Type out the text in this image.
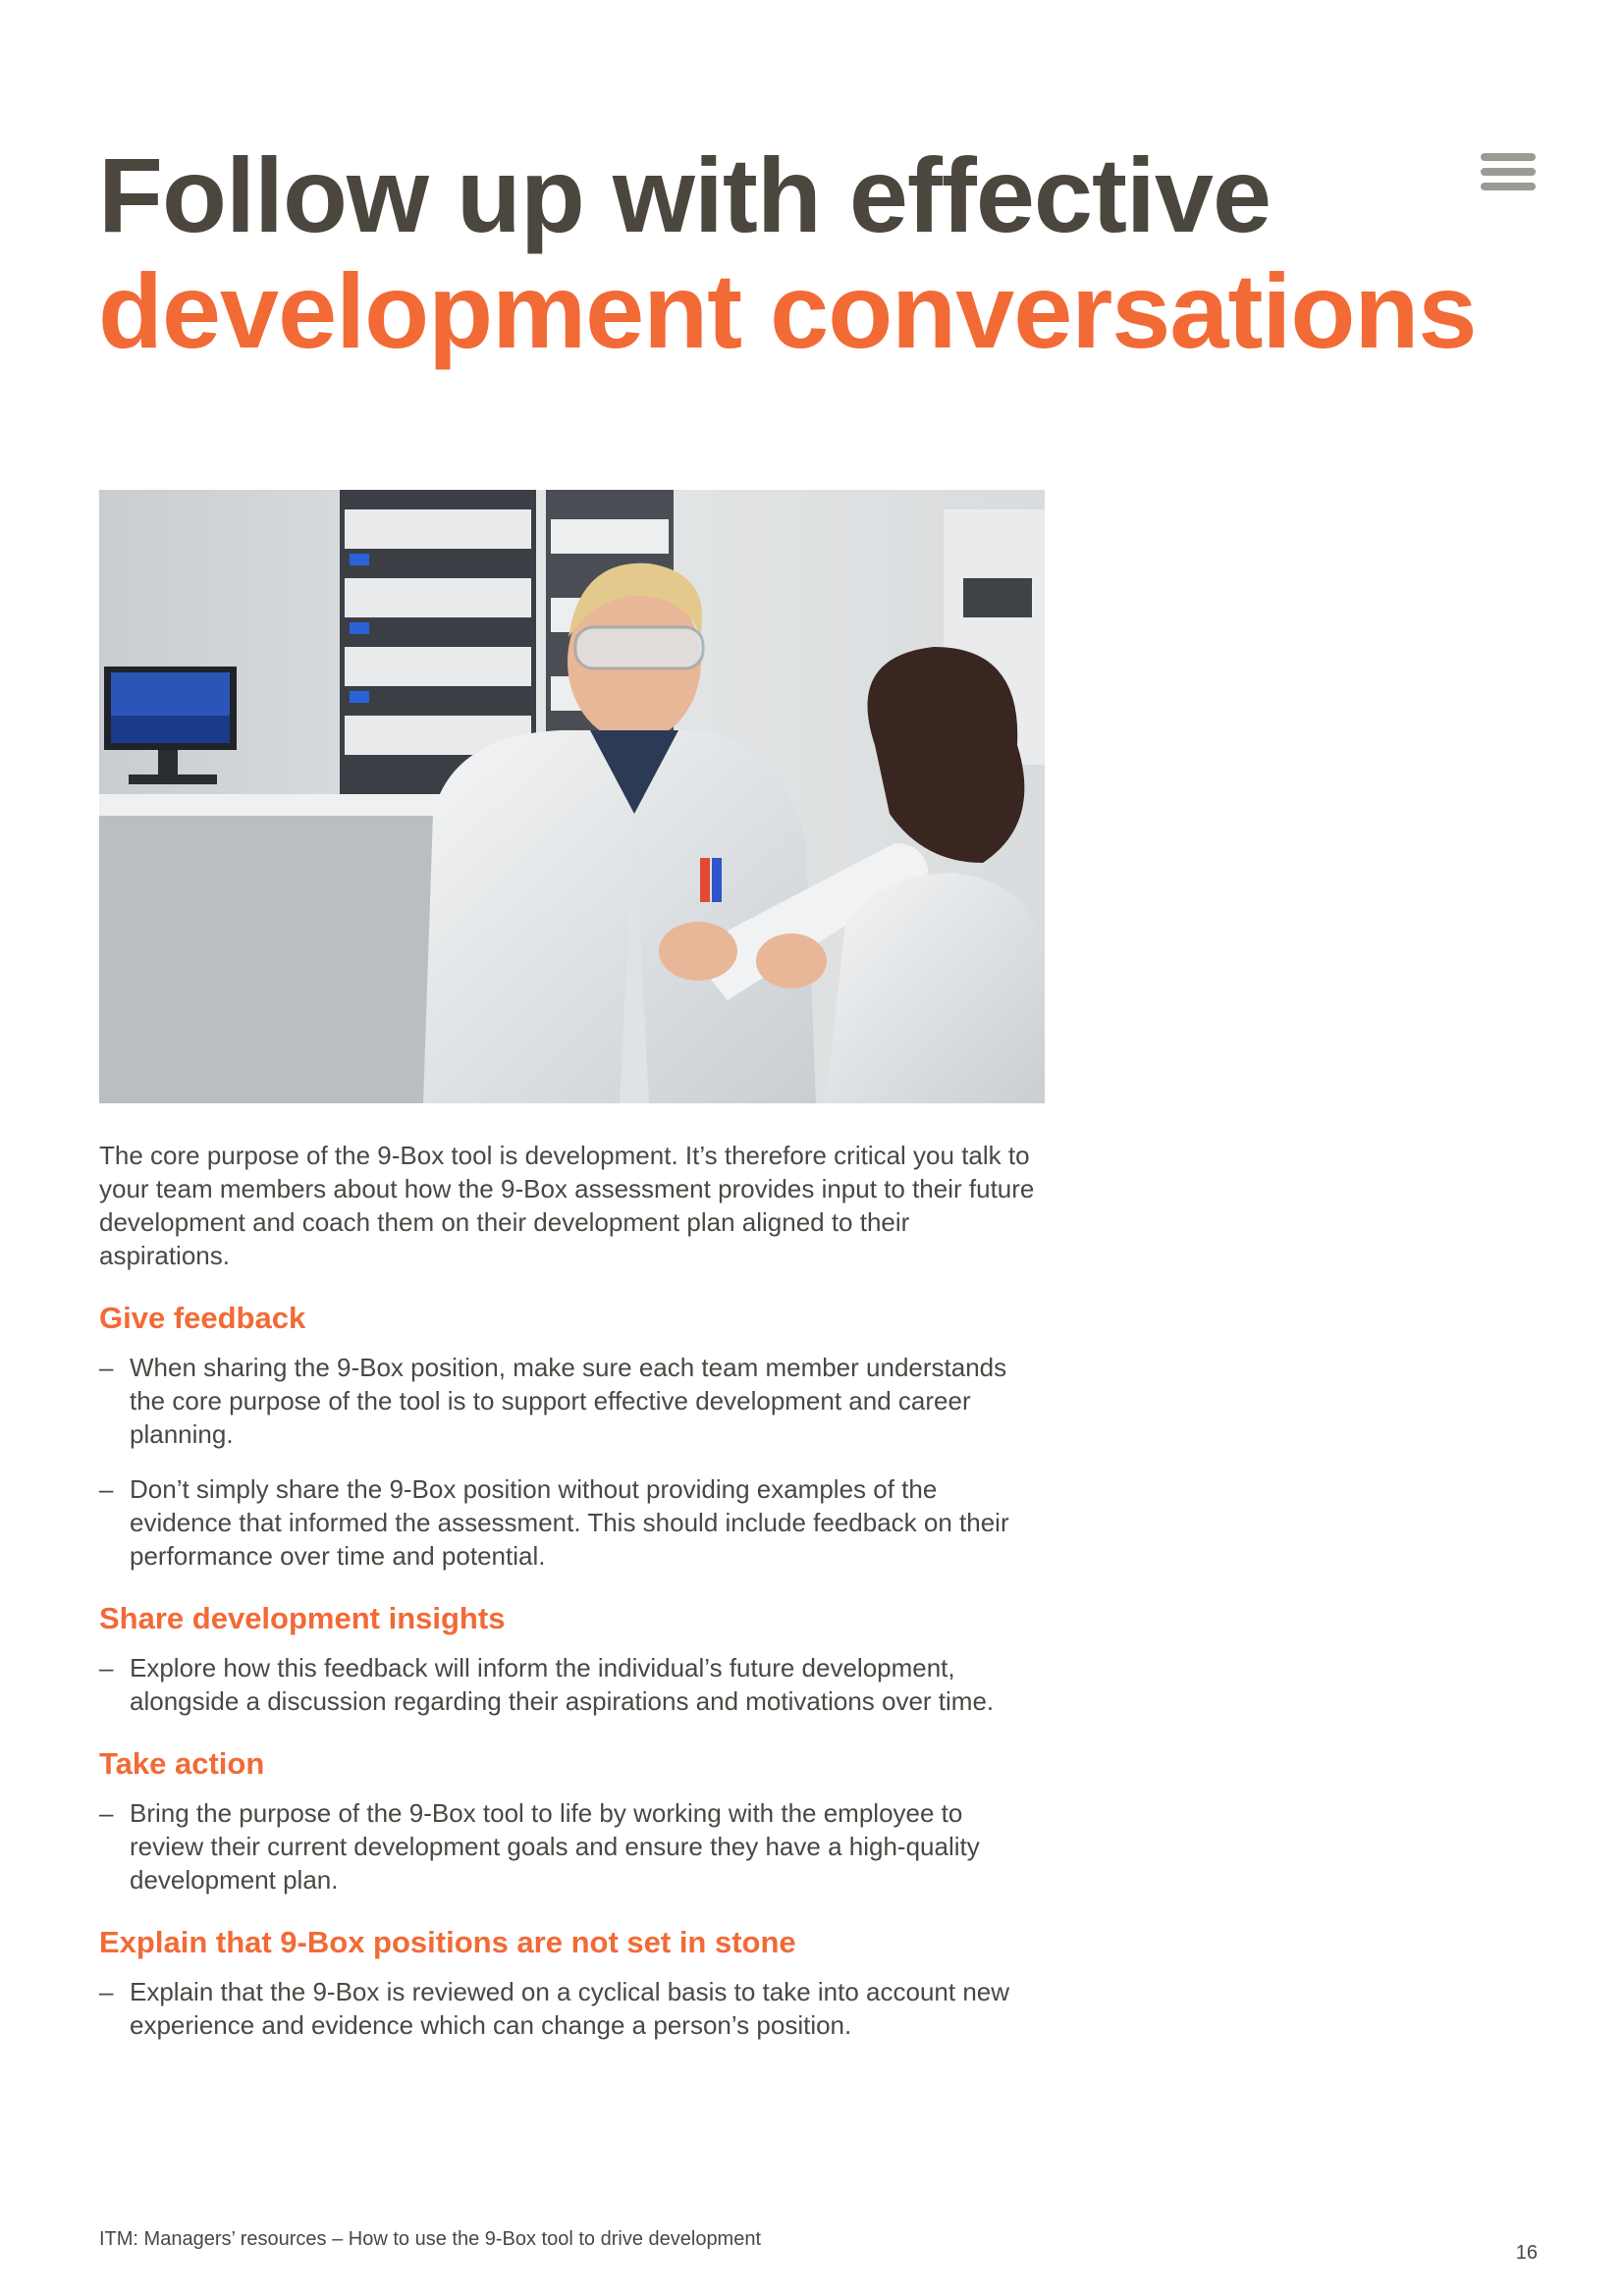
Follow up with effective
development conversations

The core purpose of the 9-Box tool is development. It’s therefore critical you talk to your team members about how the 9-Box assessment provides input to their future development and coach them on their development plan aligned to their aspirations.

Give feedback
– When sharing the 9-Box position, make sure each team member understands the core purpose of the tool is to support effective development and career planning.
– Don’t simply share the 9-Box position without providing examples of the evidence that informed the assessment. This should include feedback on their performance over time and potential.
Share development insights
– Explore how this feedback will inform the individual’s future development, alongside a discussion regarding their aspirations and motivations over time.
Take action
– Bring the purpose of the 9-Box tool to life by working with the employee to review their current development goals and ensure they have a high-quality development plan.
Explain that 9-Box positions are not set in stone
– Explain that the 9-Box is reviewed on a cyclical basis to take into account new experience and evidence which can change a person’s position.
ITM: Managers’ resources – How to use the 9-Box tool to drive development
16
